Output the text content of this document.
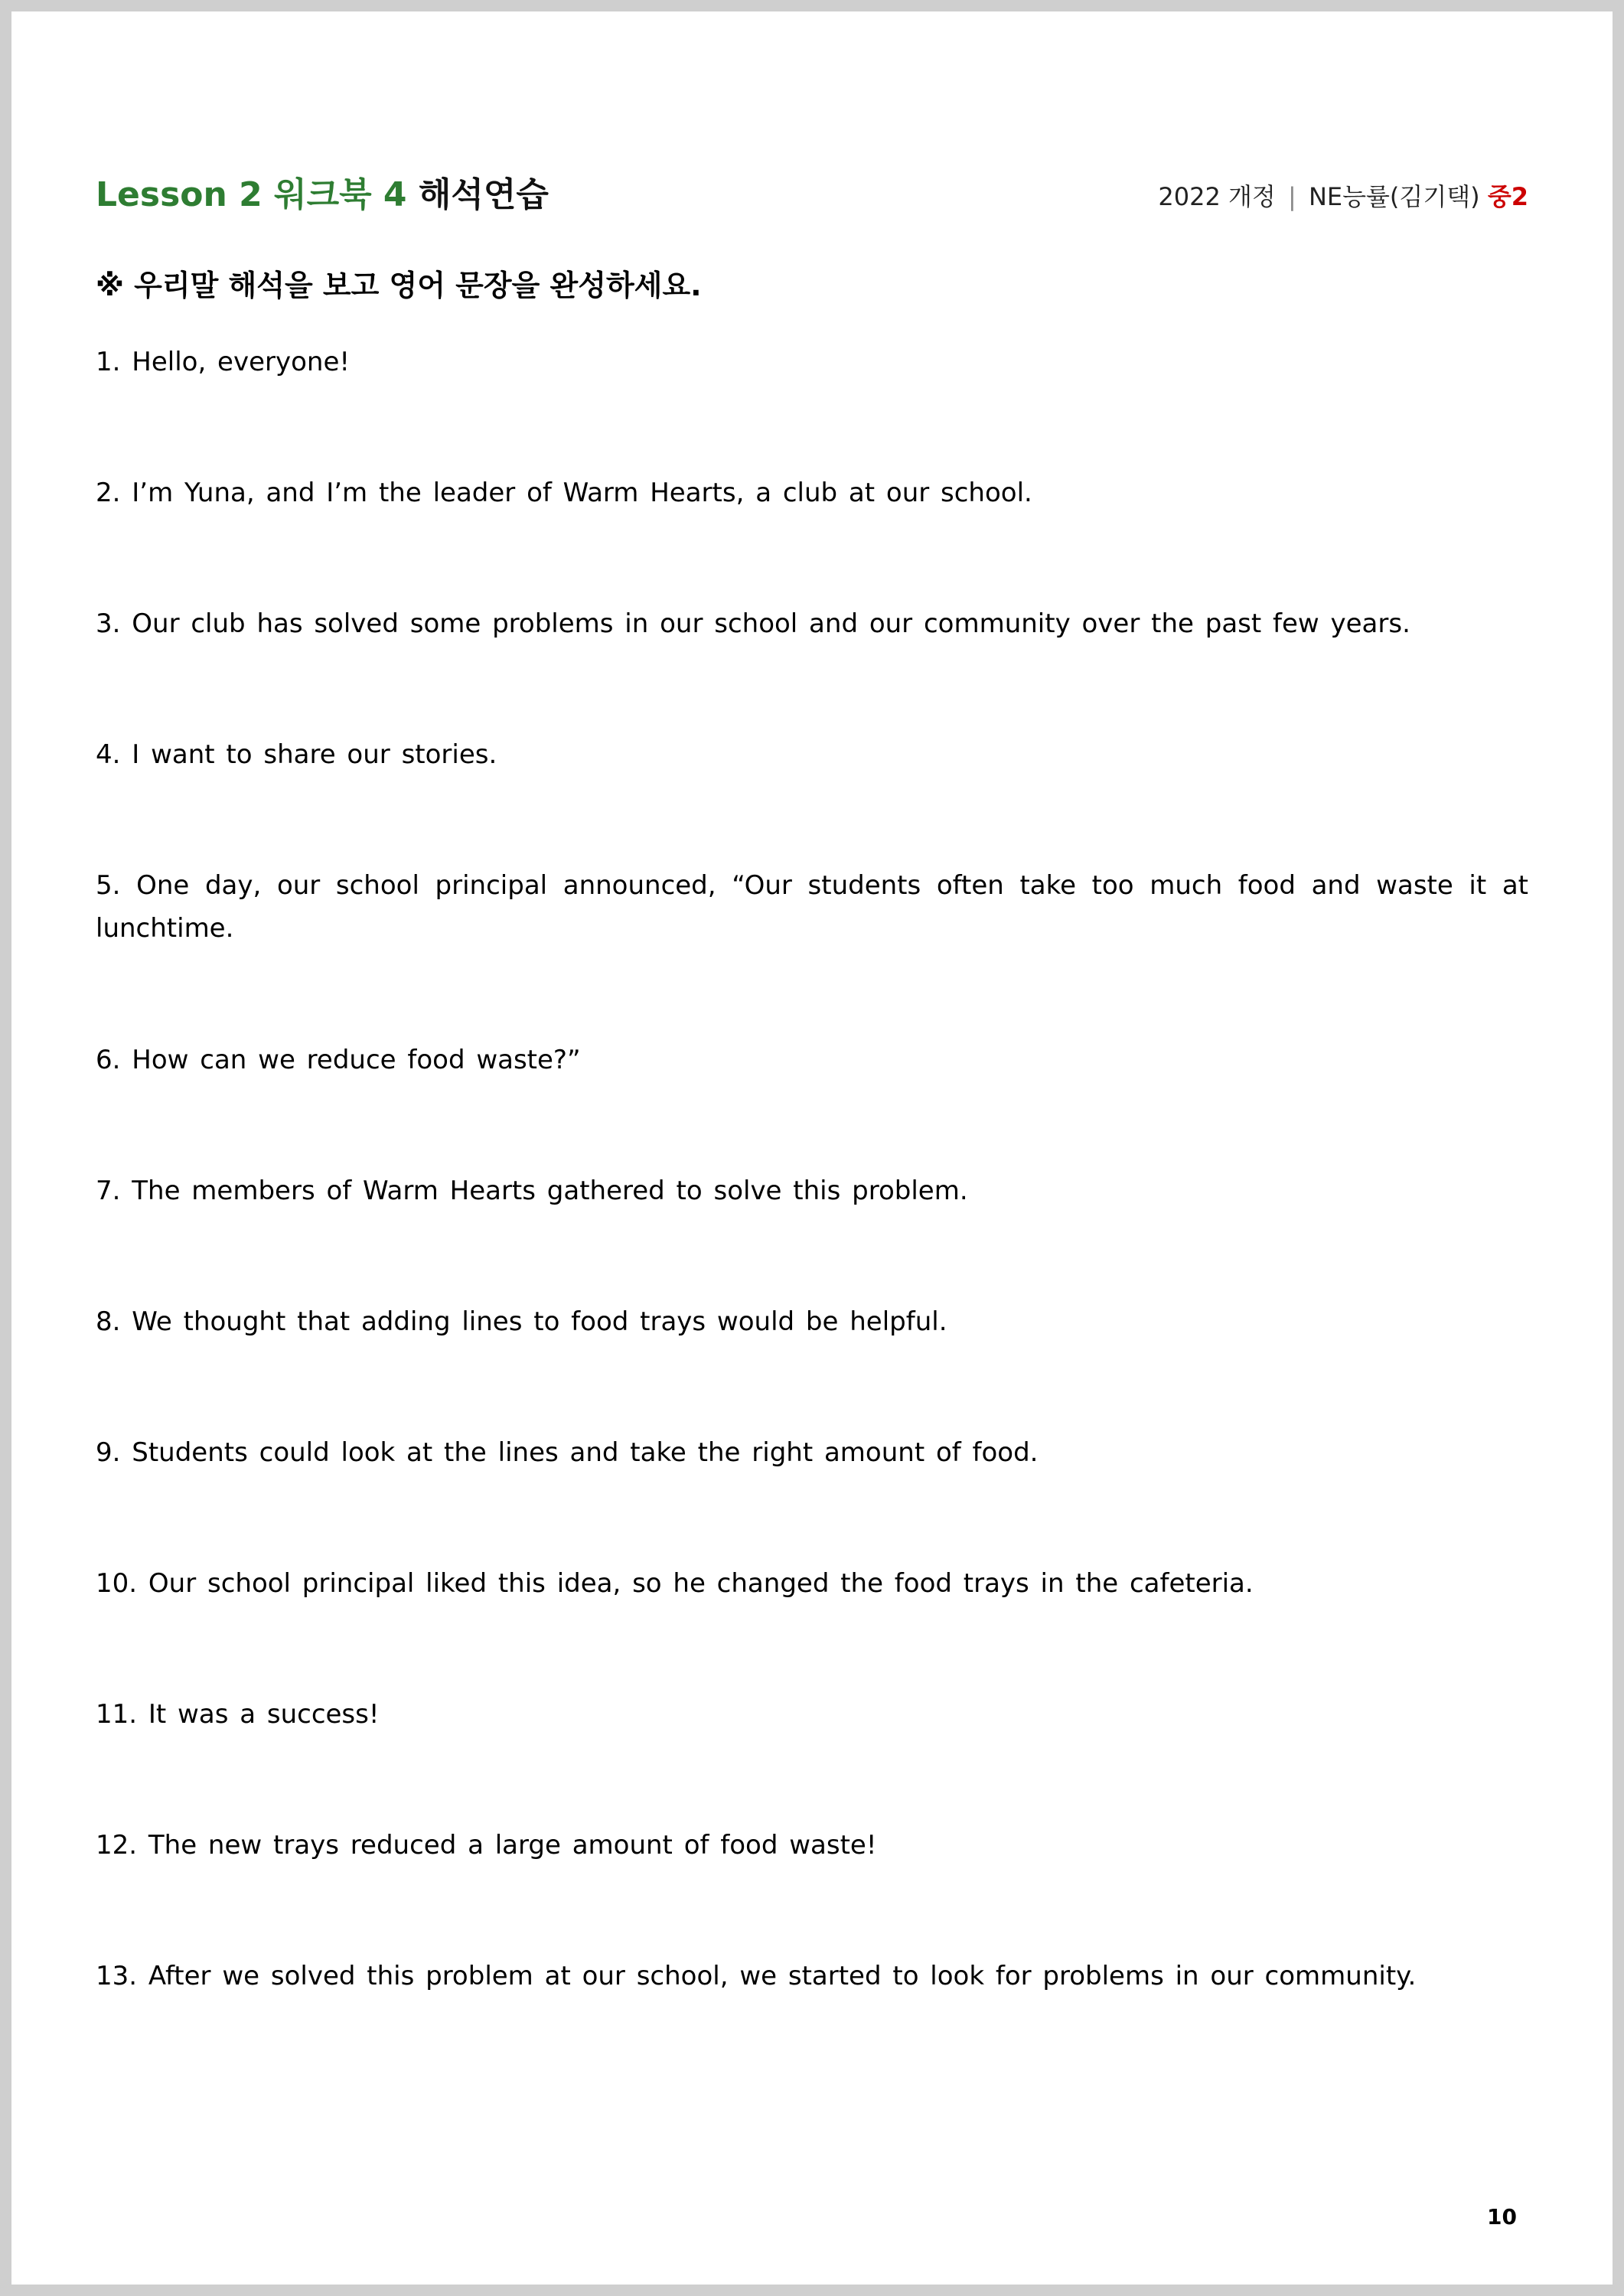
Lesson 2 워크북 4 해석연습	2022 개정 | NE능률(김기택) 중2
※ 우리말 해석을 보고 영어 문장을 완성하세요.
1. Hello, everyone!
2. I’m Yuna, and I’m the leader of Warm Hearts, a club at our school.
3. Our club has solved some problems in our school and our community over the past few years.
4. I want to share our stories.
5. One day, our school principal announced, “Our students often take too much food and waste it at lunchtime.
6. How can we reduce food waste?”
7. The members of Warm Hearts gathered to solve this problem.
8. We thought that adding lines to food trays would be helpful.
9. Students could look at the lines and take the right amount of food.
10. Our school principal liked this idea, so he changed the food trays in the cafeteria.
11. It was a success!
12. The new trays reduced a large amount of food waste!
13. After we solved this problem at our school, we started to look for problems in our community.
10
